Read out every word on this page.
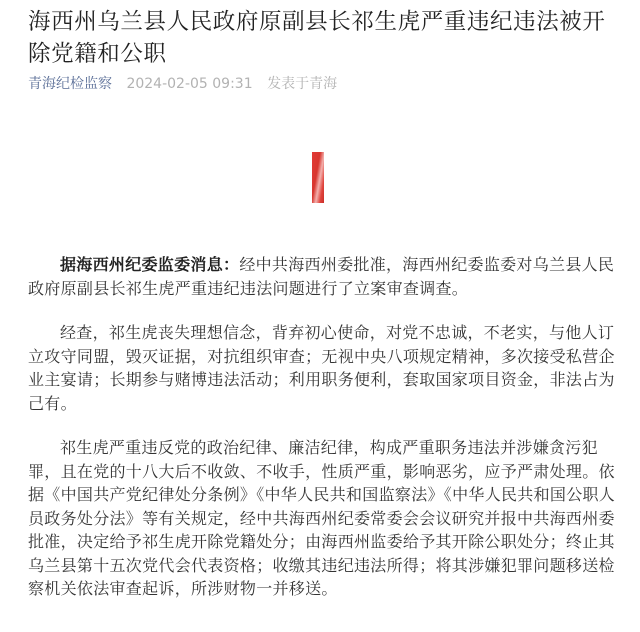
海西州乌兰县人民政府原副县长祁生虎严重违纪违法被开除党籍和公职
青海纪检监察 2024-02-05 09:31 发表于青海

据海西州纪委监委消息：经中共海西州委批准，海西州纪委监委对乌兰县人民政府原副县长祁生虎严重违纪违法问题进行了立案审查调查。

经查，祁生虎丧失理想信念，背弃初心使命，对党不忠诚，不老实，与他人订立攻守同盟，毁灭证据，对抗组织审查；无视中央八项规定精神，多次接受私营企业主宴请；长期参与赌博违法活动；利用职务便利，套取国家项目资金，非法占为己有。

祁生虎严重违反党的政治纪律、廉洁纪律，构成严重职务违法并涉嫌贪污犯罪，且在党的十八大后不收敛、不收手，性质严重，影响恶劣，应予严肃处理。依据《中国共产党纪律处分条例》《中华人民共和国监察法》《中华人民共和国公职人员政务处分法》等有关规定，经中共海西州纪委常委会会议研究并报中共海西州委批准，决定给予祁生虎开除党籍处分；由海西州监委给予其开除公职处分；终止其乌兰县第十五次党代会代表资格；收缴其违纪违法所得；将其涉嫌犯罪问题移送检察机关依法审查起诉，所涉财物一并移送。
